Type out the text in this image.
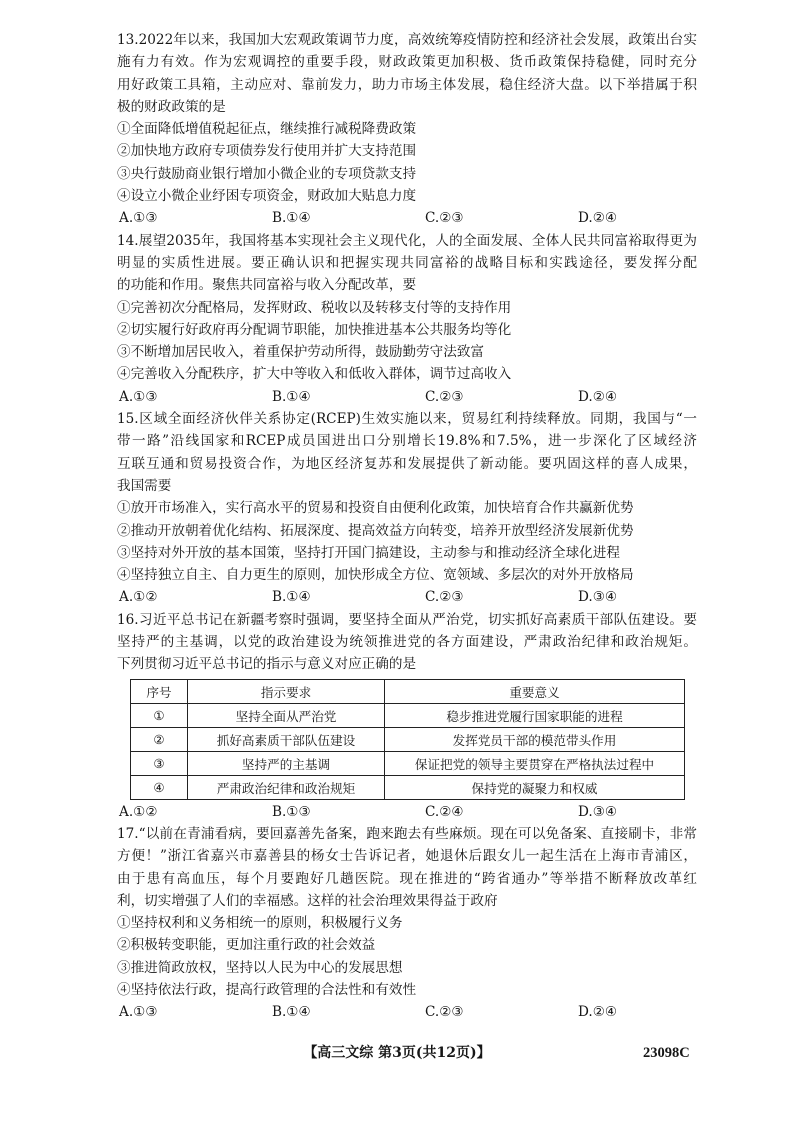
13.2022年以来，我国加大宏观政策调节力度，高效统筹疫情防控和经济社会发展，政策出台实
施有力有效。作为宏观调控的重要手段，财政政策更加积极、货币政策保持稳健，同时充分
用好政策工具箱，主动应对、靠前发力，助力市场主体发展，稳住经济大盘。以下举措属于积
极的财政政策的是
①全面降低增值税起征点，继续推行减税降费政策
②加快地方政府专项债券发行使用并扩大支持范围
③央行鼓励商业银行增加小微企业的专项贷款支持
④设立小微企业纾困专项资金，财政加大贴息力度
A.①③	B.①④	C.②③	D.②④
14.展望2035年，我国将基本实现社会主义现代化，人的全面发展、全体人民共同富裕取得更为
明显的实质性进展。要正确认识和把握实现共同富裕的战略目标和实践途径，要发挥分配
的功能和作用。聚焦共同富裕与收入分配改革，要
①完善初次分配格局，发挥财政、税收以及转移支付等的支持作用
②切实履行好政府再分配调节职能，加快推进基本公共服务均等化
③不断增加居民收入，着重保护劳动所得，鼓励勤劳守法致富
④完善收入分配秩序，扩大中等收入和低收入群体，调节过高收入
A.①③	B.①④	C.②③	D.②④
15.区域全面经济伙伴关系协定(RCEP)生效实施以来，贸易红利持续释放。同期，我国与“一
带一路”沿线国家和RCEP成员国进出口分别增长19.8%和7.5%，进一步深化了区域经济
互联互通和贸易投资合作，为地区经济复苏和发展提供了新动能。要巩固这样的喜人成果，
我国需要
①放开市场准入，实行高水平的贸易和投资自由便利化政策，加快培育合作共赢新优势
②推动开放朝着优化结构、拓展深度、提高效益方向转变，培养开放型经济发展新优势
③坚持对外开放的基本国策，坚持打开国门搞建设，主动参与和推动经济全球化进程
④坚持独立自主、自力更生的原则，加快形成全方位、宽领域、多层次的对外开放格局
A.①②	B.①④	C.②③	D.③④
16.习近平总书记在新疆考察时强调，要坚持全面从严治党，切实抓好高素质干部队伍建设。要
坚持严的主基调，以党的政治建设为统领推进党的各方面建设，严肃政治纪律和政治规矩。
下列贯彻习近平总书记的指示与意义对应正确的是
序号	指示要求	重要意义
①	坚持全面从严治党	稳步推进党履行国家职能的进程
②	抓好高素质干部队伍建设	发挥党员干部的模范带头作用
③	坚持严的主基调	保证把党的领导主要贯穿在严格执法过程中
④	严肃政治纪律和政治规矩	保持党的凝聚力和权威
A.①②	B.①③	C.②④	D.③④
17.“以前在青浦看病，要回嘉善先备案，跑来跑去有些麻烦。现在可以免备案、直接刷卡，非常
方便！”浙江省嘉兴市嘉善县的杨女士告诉记者，她退休后跟女儿一起生活在上海市青浦区，
由于患有高血压，每个月要跑好几趟医院。现在推进的“跨省通办”等举措不断释放改革红
利，切实增强了人们的幸福感。这样的社会治理效果得益于政府
①坚持权利和义务相统一的原则，积极履行义务
②积极转变职能，更加注重行政的社会效益
③推进简政放权，坚持以人民为中心的发展思想
④坚持依法行政，提高行政管理的合法性和有效性
A.①③	B.①④	C.②③	D.②④
【高三文综 第3页(共12页)】	23098C
